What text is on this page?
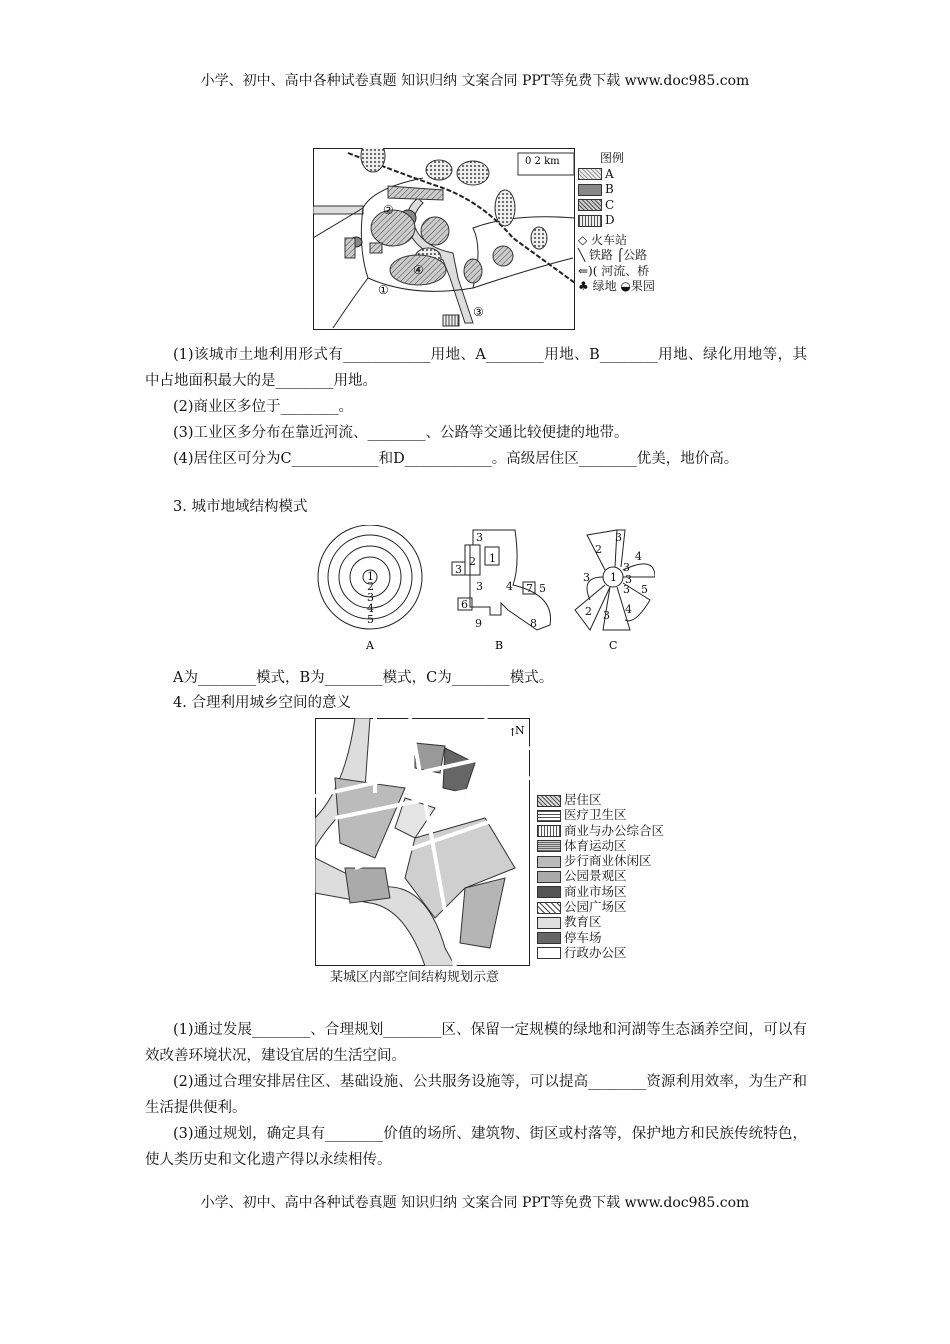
小学、初中、高中各种试卷真题 知识归纳 文案合同 PPT等免费下载 www.doc985.com
0 2 km
②
①
③
④
图例
A
B
C
D
◇ 火车站
╲ 铁路 ⌠公路
⇐)( 河流、桥
♣ 绿地 ◒果园
(1)该城市土地利用形式有____________用地、A________用地、B________用地、绿化用地等，其中占地面积最大的是________用地。
(2)商业区多位于________。
(3)工业区多分布在靠近河流、________、公路等交通比较便捷的地带。
(4)居住区可分为C____________和D____________。高级居住区________优美，地价高。
3. 城市地域结构模式
1
2
3
4
5
3
2 1
3
3 4 7 5
6
9	8
2
3
4
3 1
3
3
3 5
2 3 4
A	B	C
A为________模式，B为________模式，C为________模式。
4. 合理利用城乡空间的意义
N
↑
居住区
医疗卫生区
商业与办公综合区
体育运动区
步行商业休闲区
公园景观区
商业市场区
公园广场区
教育区
停车场
行政办公区
某城区内部空间结构规划示意
(1)通过发展________、合理规划________区、保留一定规模的绿地和河湖等生态涵养空间，可以有效改善环境状况，建设宜居的生活空间。
(2)通过合理安排居住区、基础设施、公共服务设施等，可以提高________资源利用效率，为生产和生活提供便利。
(3)通过规划，确定具有________价值的场所、建筑物、街区或村落等，保护地方和民族传统特色，使人类历史和文化遗产得以永续相传。
小学、初中、高中各种试卷真题 知识归纳 文案合同 PPT等免费下载 www.doc985.com
